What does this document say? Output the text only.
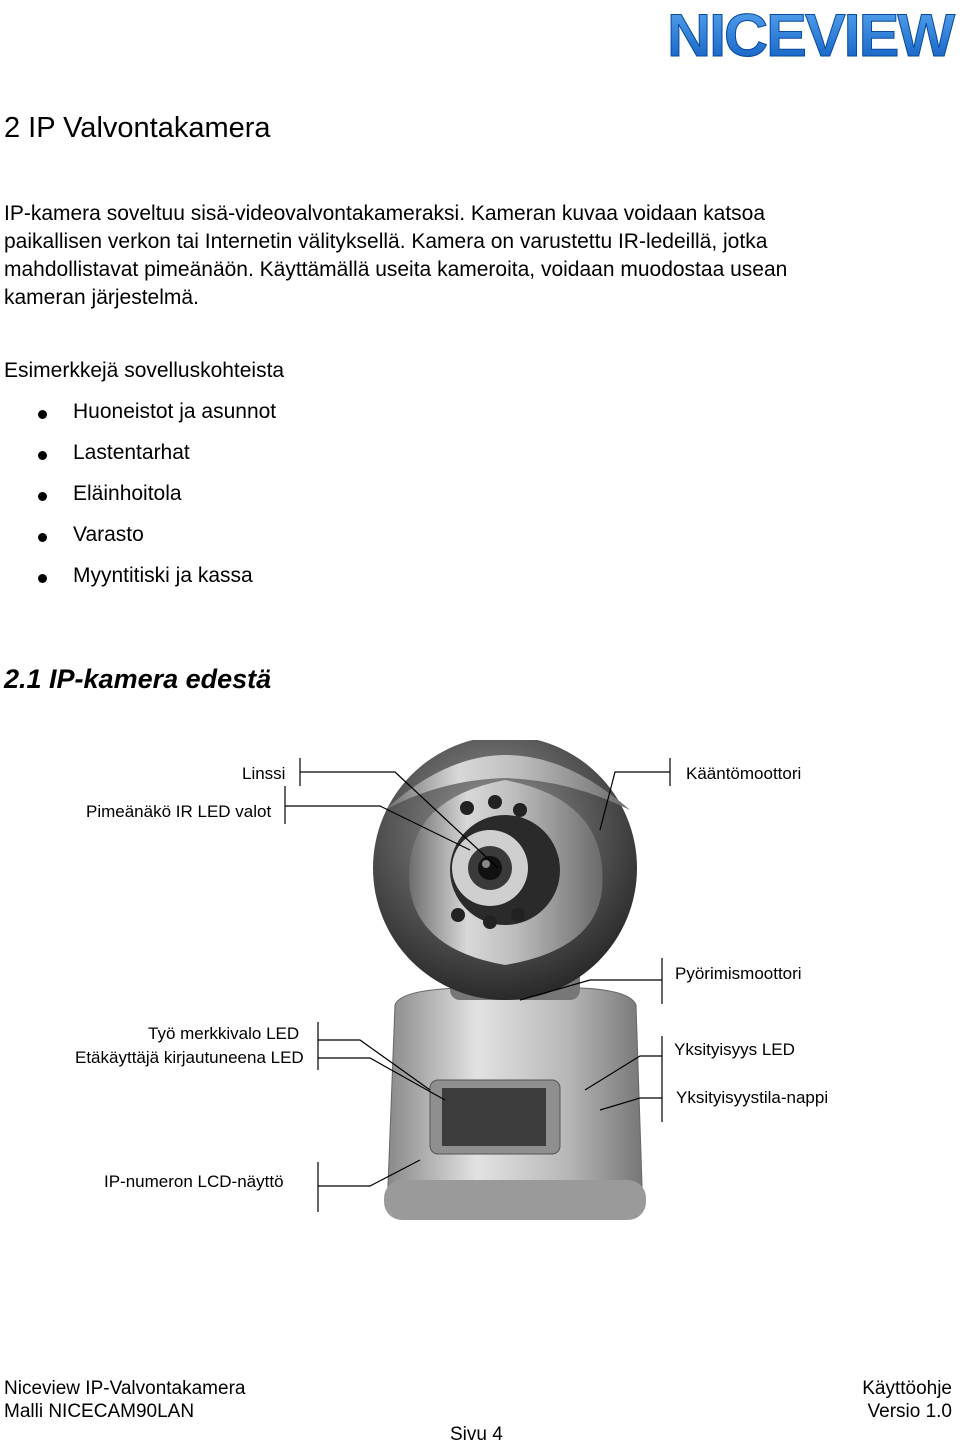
NICEVIEW
2 IP Valvontakamera

IP-kamera soveltuu sisä-videovalvontakameraksi. Kameran kuvaa voidaan katsoa
paikallisen verkon tai Internetin välityksellä. Kamera on varustettu IR-ledeillä, jotka
mahdollistavat pimeänäön. Käyttämällä useita kameroita, voidaan muodostaa usean
kameran järjestelmä.

Esimerkkejä sovelluskohteista
Huoneistot ja asunnot
Lastentarhat
Eläinhoitola
Varasto
Myyntitiski ja kassa
2.1 IP-kamera edestä
Linssi
Pimeänäkö IR LED valot
Kääntömoottori
Pyörimismoottori
Työ merkkivalo LED
Etäkäyttäjä kirjautuneena LED	Yksityisyys LED
Yksityisyystila-nappi
IP-numeron LCD-näyttö
Niceview IP-Valvontakamera
Malli NICECAM90LAN
Käyttöohje
Versio 1.0
Sivu 4
